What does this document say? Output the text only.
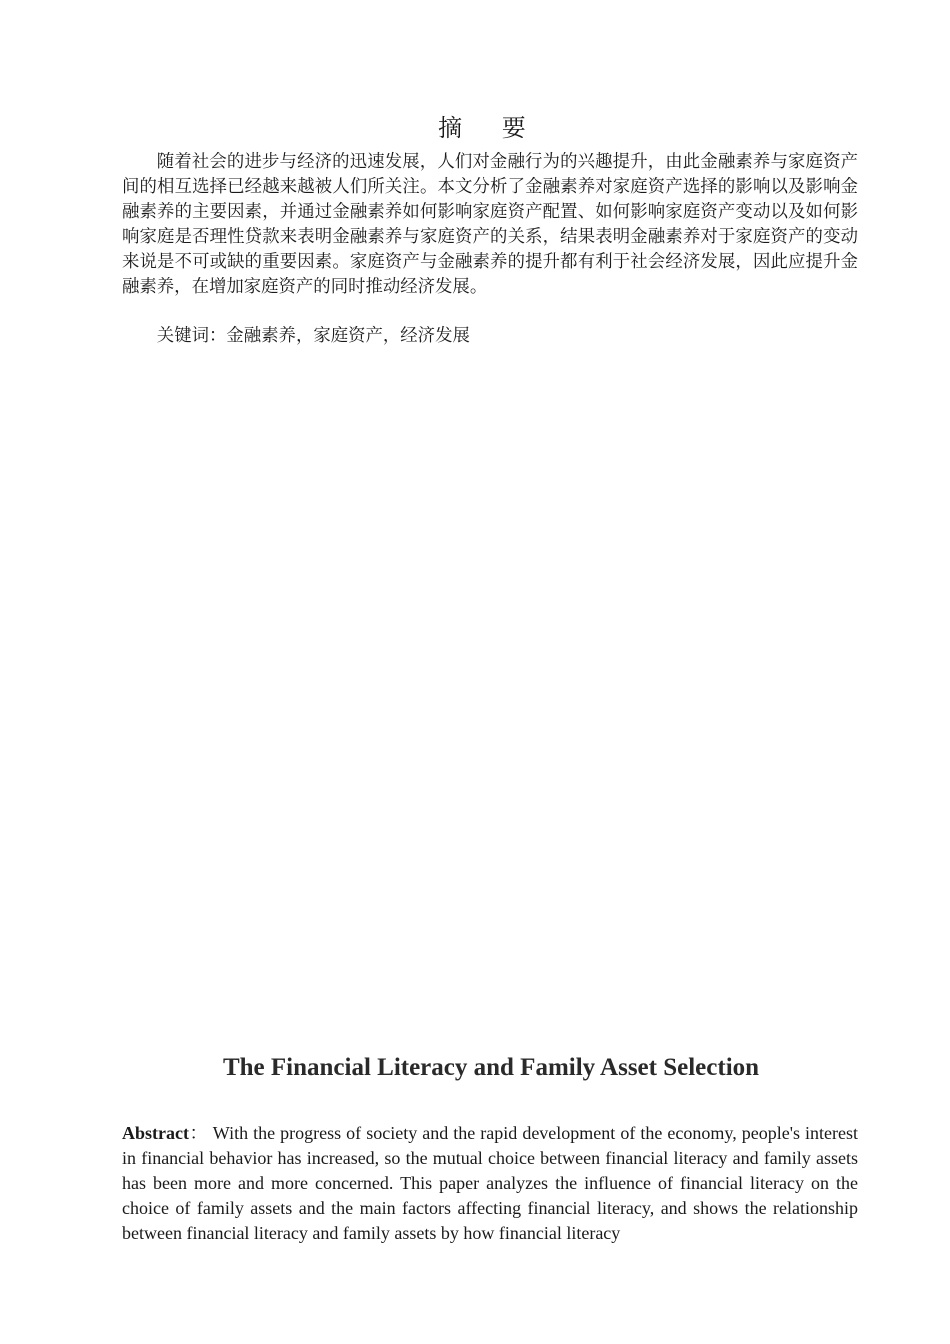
摘 要

随着社会的进步与经济的迅速发展，人们对金融行为的兴趣提升，由此金融素养与家庭资产间的相互选择已经越来越被人们所关注。本文分析了金融素养对家庭资产选择的影响以及影响金融素养的主要因素，并通过金融素养如何影响家庭资产配置、如何影响家庭资产变动以及如何影响家庭是否理性贷款来表明金融素养与家庭资产的关系，结果表明金融素养对于家庭资产的变动来说是不可或缺的重要因素。家庭资产与金融素养的提升都有利于社会经济发展，因此应提升金融素养，在增加家庭资产的同时推动经济发展。

关键词：金融素养，家庭资产，经济发展

The Financial Literacy and Family Asset Selection

Abstract： With the progress of society and the rapid development of the economy, people's interest in financial behavior has increased, so the mutual choice between financial literacy and family assets has been more and more concerned. This paper analyzes the influence of financial literacy on the choice of family assets and the main factors affecting financial literacy, and shows the relationship between financial literacy and family assets by how financial literacy
